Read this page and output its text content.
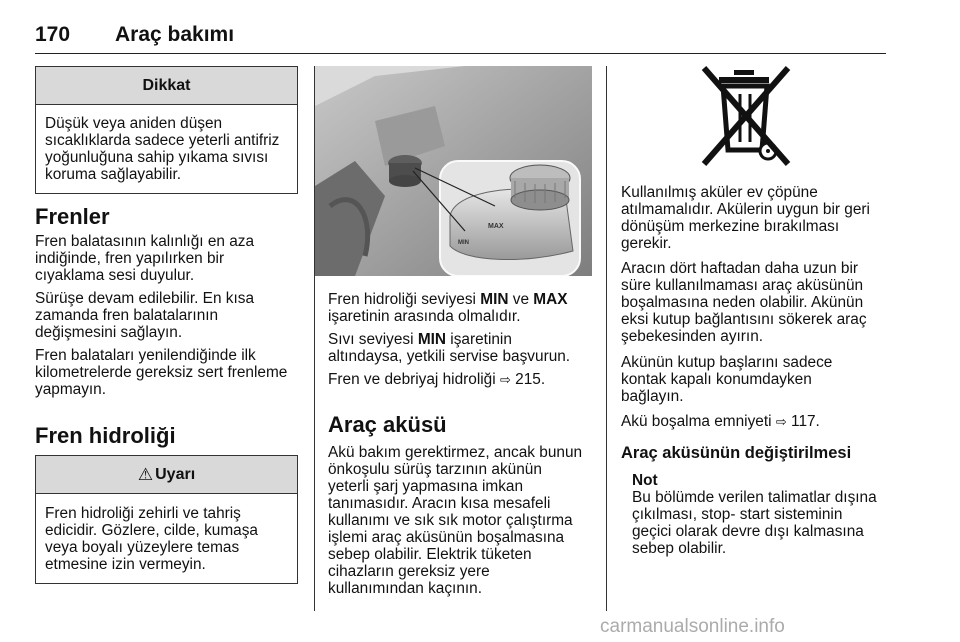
170 Araç bakımı
Dikkat
Düşük veya aniden düşen
sıcaklıklarda sadece yeterli antifriz
yoğunluğuna sahip yıkama sıvısı
koruma sağlayabilir.
Frenler
Fren balatasının kalınlığı en aza
indiğinde, fren yapılırken bir
cıyaklama sesi duyulur.
Sürüşe devam edilebilir. En kısa
zamanda fren balatalarının
değişmesini sağlayın.
Fren balataları yenilendiğinde ilk
kilometrelerde gereksiz sert frenleme
yapmayın.
Fren hidroliği
⚠ Uyarı
Fren hidroliği zehirli ve tahriş
edicidir. Gözlere, cilde, kumaşa
veya boyalı yüzeylere temas
etmesine izin vermeyin.
MAX
MIN
Fren hidroliği seviyesi MIN ve MAX
işaretinin arasında olmalıdır.
Sıvı seviyesi MIN işaretinin
altındaysa, yetkili servise başvurun.
Fren ve debriyaj hidroliği ⇨ 215.
Araç aküsü
Akü bakım gerektirmez, ancak bunun
önkoşulu sürüş tarzının akünün
yeterli şarj yapmasına imkan
tanımasıdır. Aracın kısa mesafeli
kullanımı ve sık sık motor çalıştırma
işlemi araç aküsünün boşalmasına
sebep olabilir. Elektrik tüketen
cihazların gereksiz yere
kullanımından kaçının.
Kullanılmış aküler ev çöpüne
atılmamalıdır. Akülerin uygun bir geri
dönüşüm merkezine bırakılması
gerekir.
Aracın dört haftadan daha uzun bir
süre kullanılmaması araç aküsünün
boşalmasına neden olabilir. Akünün
eksi kutup bağlantısını sökerek araç
şebekesinden ayırın.
Akünün kutup başlarını sadece
kontak kapalı konumdayken
bağlayın.
Akü boşalma emniyeti ⇨ 117.
Araç aküsünün değiştirilmesi
Not
Bu bölümde verilen talimatlar dışına
çıkılması, stop- start sisteminin
geçici olarak devre dışı kalmasına
sebep olabilir.
carmanualsonline.info
